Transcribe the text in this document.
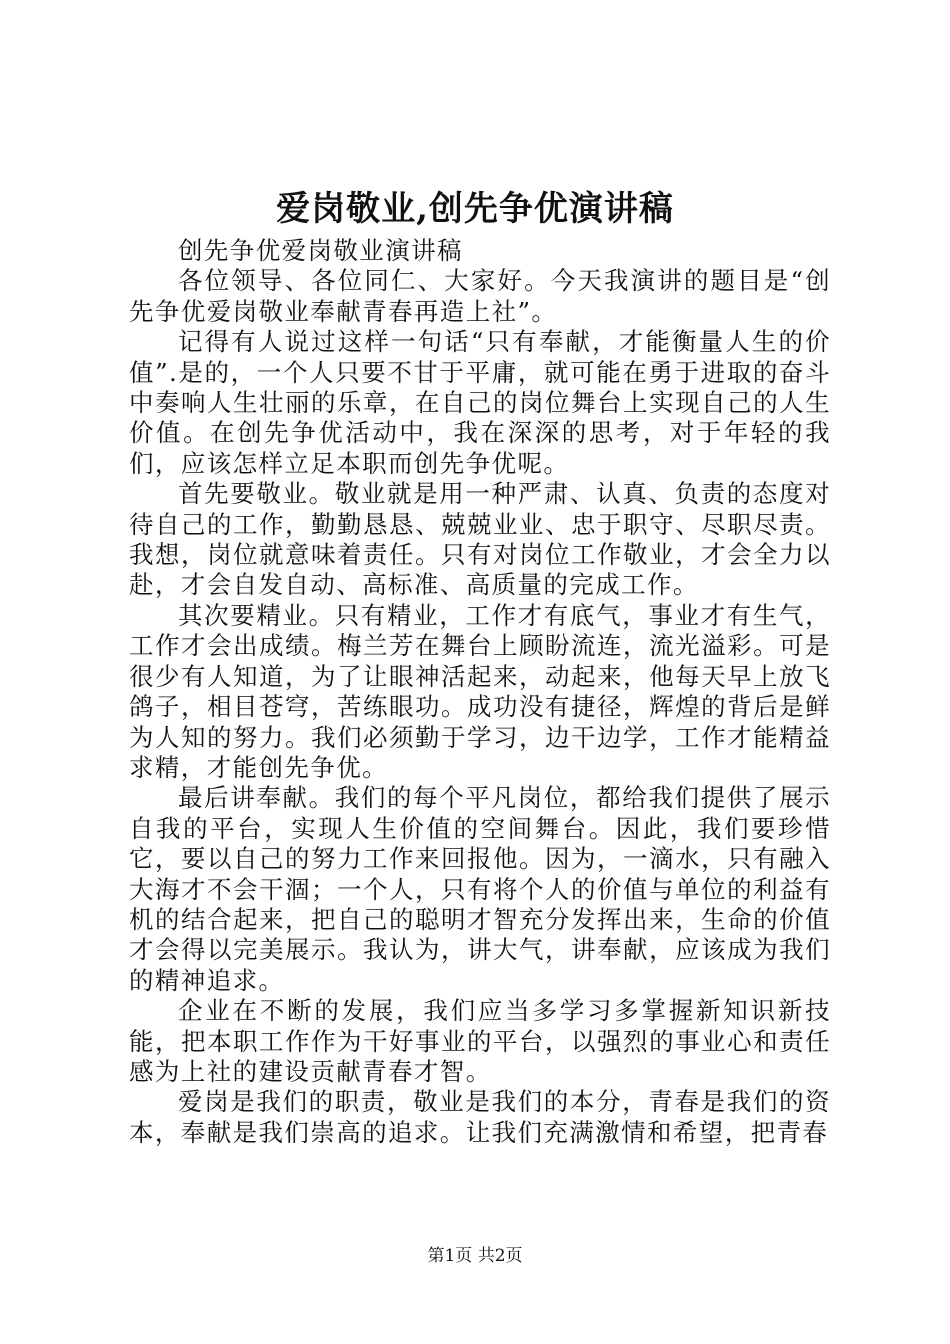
爱岗敬业,创先争优演讲稿

创先争优爱岗敬业演讲稿

各位领导、各位同仁、大家好。今天我演讲的题目是“创先争优爱岗敬业奉献青春再造上社”。

记得有人说过这样一句话“只有奉献，才能衡量人生的价值”.是的，一个人只要不甘于平庸，就可能在勇于进取的奋斗中奏响人生壮丽的乐章，在自己的岗位舞台上实现自己的人生价值。在创先争优活动中，我在深深的思考，对于年轻的我们，应该怎样立足本职而创先争优呢。

首先要敬业。敬业就是用一种严肃、认真、负责的态度对待自己的工作，勤勤恳恳、兢兢业业、忠于职守、尽职尽责。我想，岗位就意味着责任。只有对岗位工作敬业，才会全力以赴，才会自发自动、高标准、高质量的完成工作。

其次要精业。只有精业，工作才有底气，事业才有生气，工作才会出成绩。梅兰芳在舞台上顾盼流连，流光溢彩。可是很少有人知道，为了让眼神活起来，动起来，他每天早上放飞鸽子，相目苍穹，苦练眼功。成功没有捷径，辉煌的背后是鲜为人知的努力。我们必须勤于学习，边干边学，工作才能精益求精，才能创先争优。

最后讲奉献。我们的每个平凡岗位，都给我们提供了展示自我的平台，实现人生价值的空间舞台。因此，我们要珍惜它，要以自己的努力工作来回报他。因为，一滴水，只有融入大海才不会干涸；一个人，只有将个人的价值与单位的利益有机的结合起来，把自己的聪明才智充分发挥出来，生命的价值才会得以完美展示。我认为，讲大气，讲奉献，应该成为我们的精神追求。

企业在不断的发展，我们应当多学习多掌握新知识新技能，把本职工作作为干好事业的平台，以强烈的事业心和责任感为上社的建设贡献青春才智。

爱岗是我们的职责，敬业是我们的本分，青春是我们的资本，奉献是我们崇高的追求。让我们充满激情和希望，把青春

第1页 共2页
